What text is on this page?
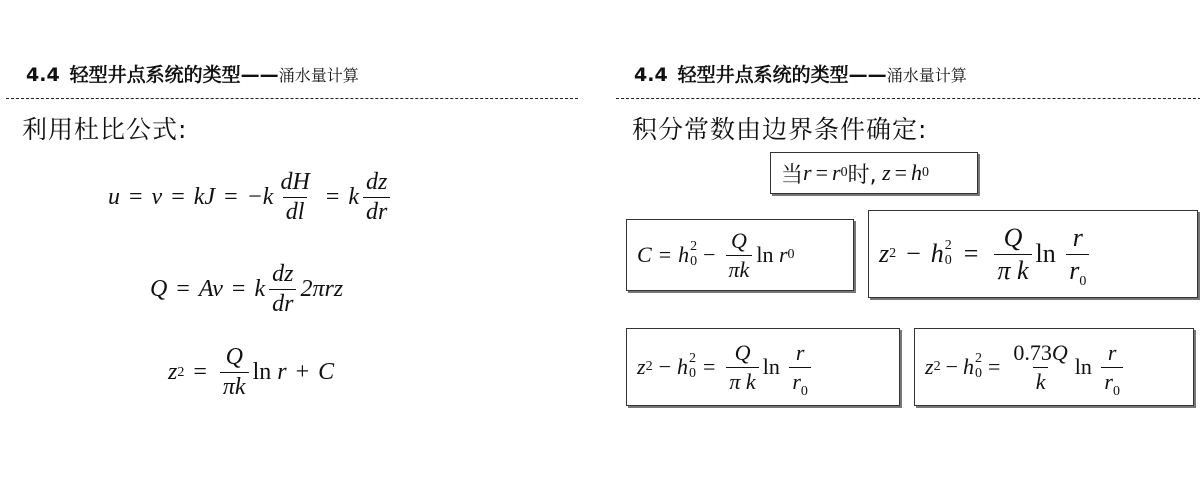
4.4 轻型井点系统的类型——涌水量计算
利用杜比公式:
u = v = kJ = $-k \frac{dH}{dl} = k \frac{dz}{dr}$
Q = Av = k $\frac{dz}{dr} 2\pi rz$
z $2 = \frac{Q}{\pi k}$ ln
r + C
4.4 轻型井点系统的类型——涌水量计算
积分常数由边界条件确定:
当 r = r 0 时,
z = h 0
C = h 2
$0 - \frac{Q}{\pi k}$ ln
r 0	z 2 − h 2
$0 = \frac{Q}{\text{π k}}$ ln
$\frac{r}{r_0}$
z 2 − h 2
$0 = \frac{Q}{\text{π k}}$ ln
$\frac{r}{r_0}$	z 2 − h 2
$0 = \frac{0.73Q}{k}$ ln
$\frac{r}{r_0}$
